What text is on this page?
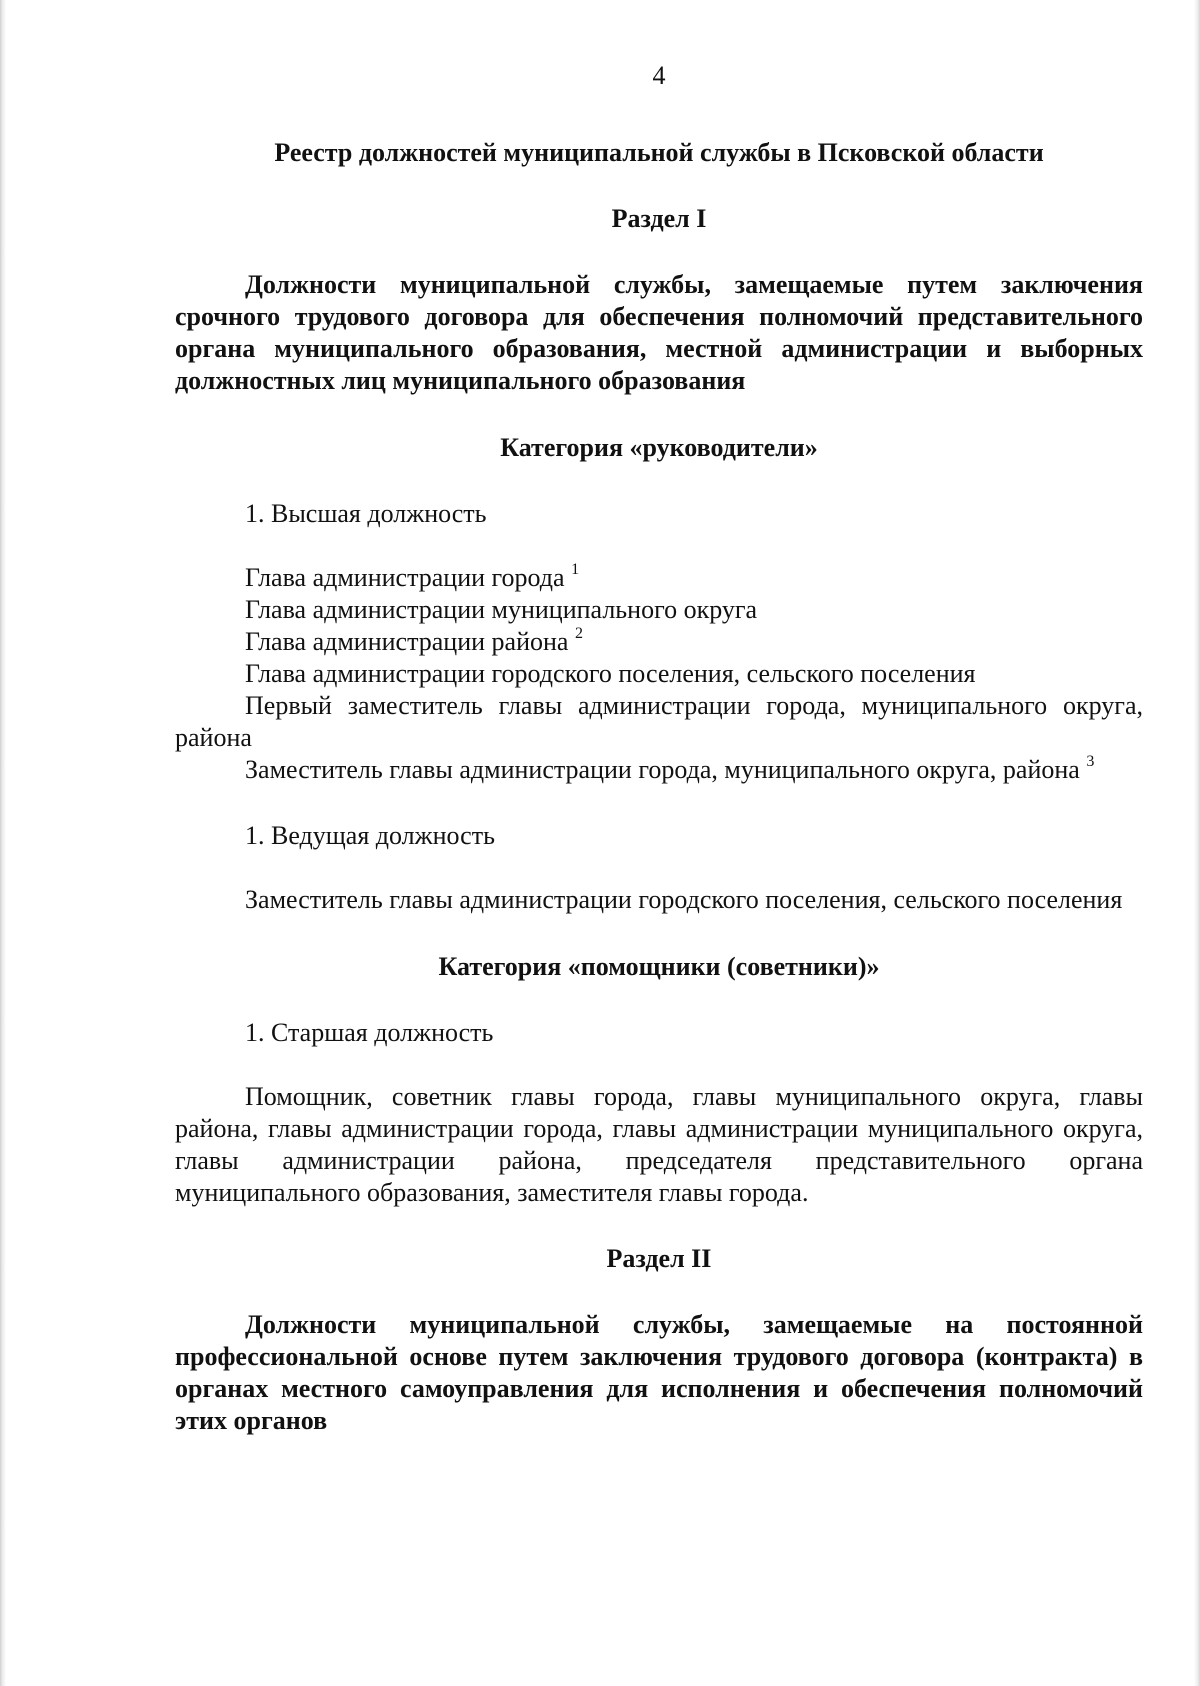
4

Реестр должностей муниципальной службы в Псковской области

Раздел I

Должности муниципальной службы, замещаемые путем заключения срочного трудового договора для обеспечения полномочий представительного органа муниципального образования, местной администрации и выборных должностных лиц муниципального образования

Категория «руководители»

1. Высшая должность

Глава администрации города $^1$

Глава администрации муниципального округа

Глава администрации района $^2$

Глава администрации городского поселения, сельского поселения

Первый заместитель главы администрации города, муниципального округа, района

Заместитель главы администрации города, муниципального округа, района $^3$

1. Ведущая должность

Заместитель главы администрации городского поселения, сельского поселения

Категория «помощники (советники)»

1. Старшая должность

Помощник, советник главы города, главы муниципального округа, главы района, главы администрации города, главы администрации муниципального округа, главы администрации района, председателя представительного органа муниципального образования, заместителя главы города.

Раздел II

Должности муниципальной службы, замещаемые на постоянной профессиональной основе путем заключения трудового договора (контракта) в органах местного самоуправления для исполнения и обеспечения полномочий этих органов
